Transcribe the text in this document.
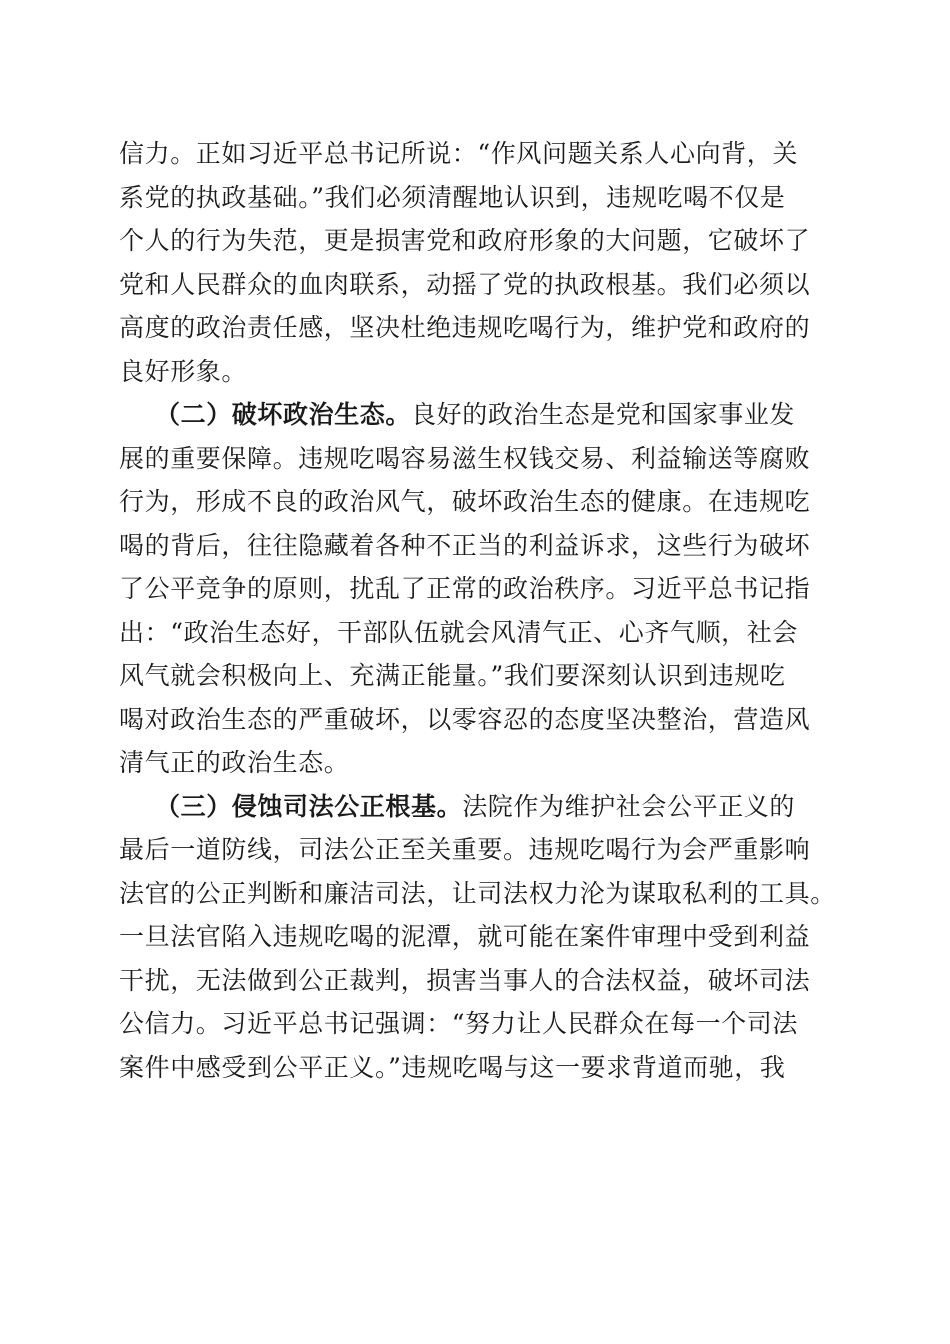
信力。正如习近平总书记所说：“作风问题关系人心向背，关
系党的执政基础。”我们必须清醒地认识到，违规吃喝不仅是
个人的行为失范，更是损害党和政府形象的大问题，它破坏了
党和人民群众的血肉联系，动摇了党的执政根基。我们必须以
高度的政治责任感，坚决杜绝违规吃喝行为，维护党和政府的
良好形象。
（二）破坏政治生态。良好的政治生态是党和国家事业发
展的重要保障。违规吃喝容易滋生权钱交易、利益输送等腐败
行为，形成不良的政治风气，破坏政治生态的健康。在违规吃
喝的背后，往往隐藏着各种不正当的利益诉求，这些行为破坏
了公平竞争的原则，扰乱了正常的政治秩序。习近平总书记指
出：“政治生态好，干部队伍就会风清气正、心齐气顺，社会
风气就会积极向上、充满正能量。”我们要深刻认识到违规吃
喝对政治生态的严重破坏，以零容忍的态度坚决整治，营造风
清气正的政治生态。
（三）侵蚀司法公正根基。法院作为维护社会公平正义的
最后一道防线，司法公正至关重要。违规吃喝行为会严重影响
法官的公正判断和廉洁司法，让司法权力沦为谋取私利的工具。
一旦法官陷入违规吃喝的泥潭，就可能在案件审理中受到利益
干扰，无法做到公正裁判，损害当事人的合法权益，破坏司法
公信力。习近平总书记强调：“努力让人民群众在每一个司法
案件中感受到公平正义。”违规吃喝与这一要求背道而驰，我
